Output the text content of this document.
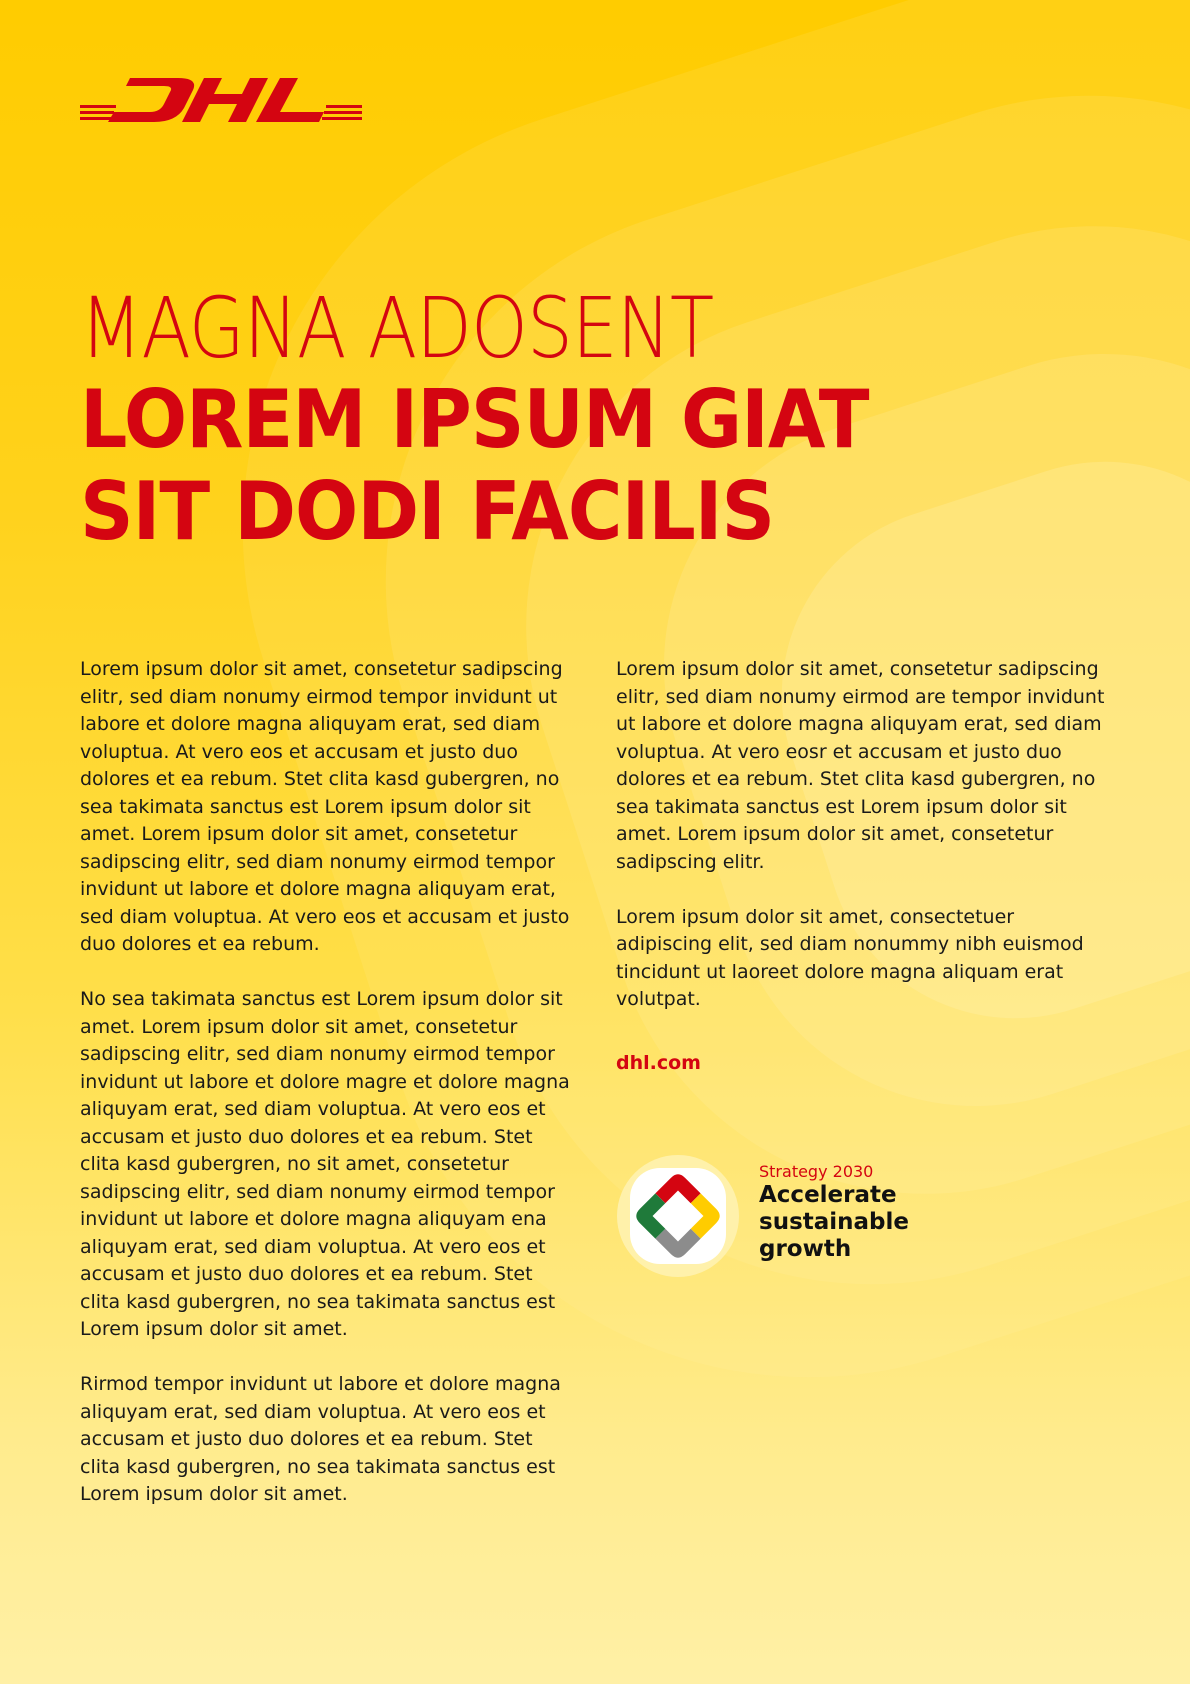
MAGNA ADOSENT
LOREM IPSUM GIAT
SIT DODI FACILIS

Lorem ipsum dolor sit amet, consetetur sadipscing elitr, sed diam nonumy eirmod tempor invidunt ut labore et dolore magna aliquyam erat, sed diam voluptua. At vero eos et accusam et justo duo dolores et ea rebum. Stet clita kasd gubergren, no sea takimata sanctus est Lorem ipsum dolor sit amet. Lorem ipsum dolor sit amet, consetetur sadipscing elitr, sed diam nonumy eirmod tempor invidunt ut labore et dolore magna aliquyam erat, sed diam voluptua. At vero eos et accusam et justo duo dolores et ea rebum.

No sea takimata sanctus est Lorem ipsum dolor sit amet. Lorem ipsum dolor sit amet, consetetur sadipscing elitr, sed diam nonumy eirmod tempor invidunt ut labore et dolore magre et dolore magna aliquyam erat, sed diam voluptua. At vero eos et accusam et justo duo dolores et ea rebum. Stet clita kasd gubergren, no sit amet, consetetur sadipscing elitr, sed diam nonumy eirmod tempor invidunt ut labore et dolore magna aliquyam ena aliquyam erat, sed diam voluptua. At vero eos et accusam et justo duo dolores et ea rebum. Stet clita kasd gubergren, no sea takimata sanctus est Lorem ipsum dolor sit amet.

Rirmod tempor invidunt ut labore et dolore magna aliquyam erat, sed diam voluptua. At vero eos et accusam et justo duo dolores et ea rebum. Stet clita kasd gubergren, no sea takimata sanctus est Lorem ipsum dolor sit amet.

Lorem ipsum dolor sit amet, consetetur sadipscing elitr, sed diam nonumy eirmod are tempor invidunt ut labore et dolore magna aliquyam erat, sed diam voluptua. At vero eosr et accusam et justo duo dolores et ea rebum. Stet clita kasd gubergren, no sea takimata sanctus est Lorem ipsum dolor sit amet. Lorem ipsum dolor sit amet, consetetur sadipscing elitr.

Lorem ipsum dolor sit amet, consectetuer adipiscing elit, sed diam nonummy nibh euismod tincidunt ut laoreet dolore magna aliquam erat volutpat.

dhl.com
Strategy 2030
Accelerate
sustainable
growth
